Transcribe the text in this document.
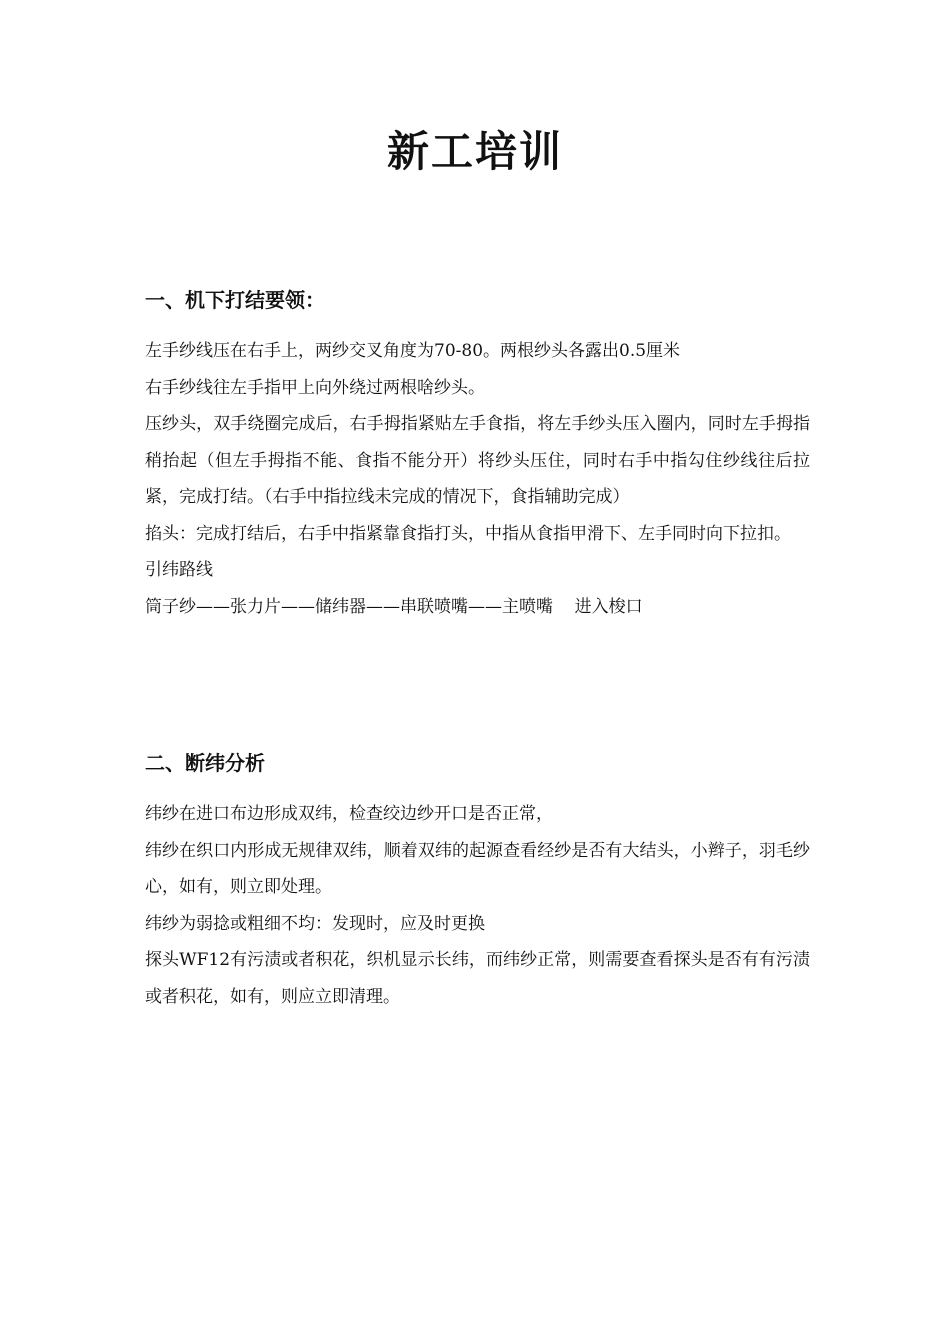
新工培训
一、机下打结要领：

左手纱线压在右手上，两纱交叉角度为70-80。两根纱头各露出0.5厘米

右手纱线往左手指甲上向外绕过两根啥纱头。

压纱头，双手绕圈完成后，右手拇指紧贴左手食指，将左手纱头压入圈内，同时左手拇指稍抬起（但左手拇指不能、食指不能分开）将纱头压住，同时右手中指勾住纱线往后拉紧，完成打结。（右手中指拉线未完成的情况下，食指辅助完成）

掐头：完成打结后，右手中指紧靠食指打头，中指从食指甲滑下、左手同时向下拉扣。

引纬路线

筒子纱——张力片——储纬器——串联喷嘴——主喷嘴    进入梭口

二、断纬分析

纬纱在进口布边形成双纬，检查绞边纱开口是否正常，

纬纱在织口内形成无规律双纬，顺着双纬的起源查看经纱是否有大结头，小辫子，羽毛纱心，如有，则立即处理。

纬纱为弱捻或粗细不均：发现时，应及时更换

探头WF12有污渍或者积花，织机显示长纬，而纬纱正常，则需要查看探头是否有有污渍或者积花，如有，则应立即清理。
